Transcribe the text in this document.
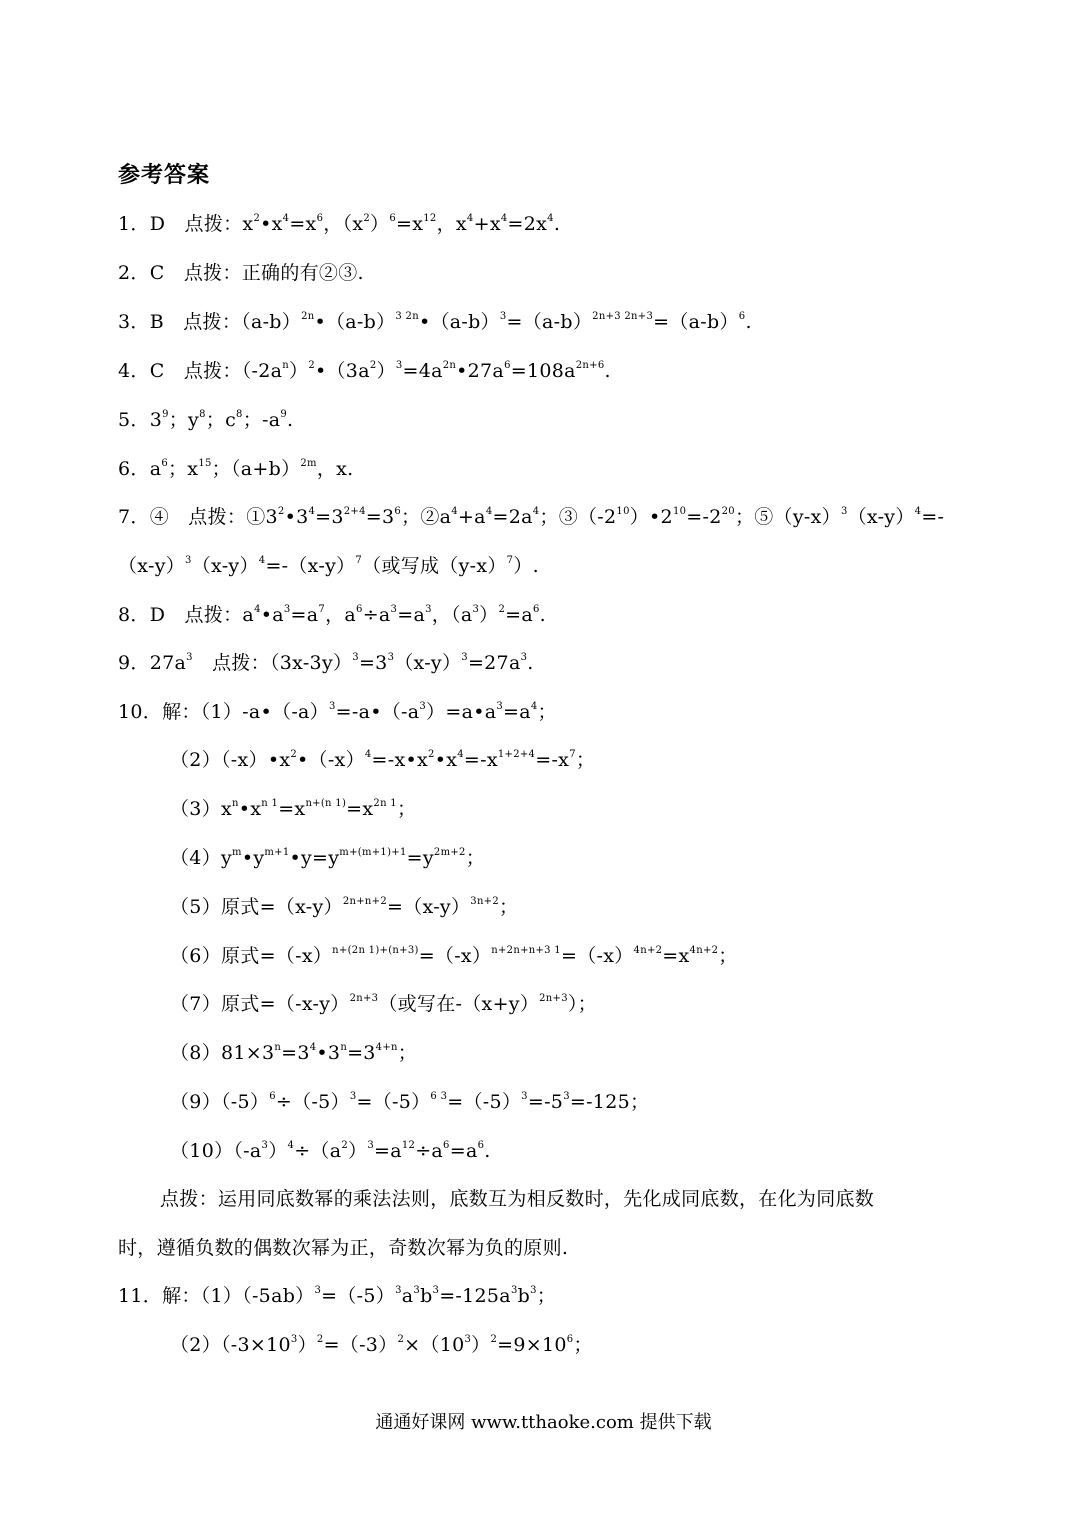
参考答案
1．D　点拨：$x^2•x^4=x^6$，$(x^2)^6=x^{12}$，$x^4+x^4=2x^4$.
2．C　点拨：正确的有②③.
3．B　点拨：$(a-b)^{2n}•(a-b)^{3 2n}•(a-b)^3=(a-b)^{2n+3 2n+3}=(a-b)^6$.
4．C　点拨：$(-2a^n)^2•(3a^2)^3=4a^{2n}•27a^6=108a^{2n+6}$.
5．$3^9$；$y^8$；$c^8$；$-a^9$.
6．$a^6$；$x^{15}$；$(a+b)^{2m}$，x.
7．④　点拨：$①3^2•3^4=3^{2+4}=3^6$；$②a^4+a^4=2a^4$；$③(-2^{10})•2^{10}=-2^{20}$；$⑤(y-x)^3(x-y)^4=-$
$(x-y)^3(x-y)^4=-(x-y)^7$（或写成$(y-x)^7$）.
8．D　点拨：$a^4•a^3=a^7$，$a^6\div a^3=a^3$，$(a^3)^2=a^6$.
9．$27a^3$　点拨：$(3x-3y)^3=3^3(x-y)^3=27a^3$.
10．解：$(1)-a•(-a)^3=-a•(-a^3)=a•a^3=a^4$；
$(2)(-x)•x^2•(-x)^4=-x•x^2•x^4=-x^{1+2+4}=-x^7$；
$(3)x^n•x^{n 1}=x^{n+(n 1)}=x^{2n 1}$；
$(4)y^m•y^{m+1}•y=y^{m+(m+1)+1}=y^{2m+2}$；
（5）原式$=(x-y)^{2n+n+2}=(x-y)^{3n+2}$；
（6）原式$=(-x)^{n+(2n 1)+(n+3)}=(-x)^{n+2n+n+3 1}=(-x)^{4n+2}=x^{4n+2}$；
（7）原式$=(-x-y)^{2n+3}$（或写在$-(x+y)^{2n+3}$）；
$(8)81\times 3^n=3^4•3^n=3^{4+n}$；
$(9)(-5)^6\div(-5)^3=(-5)^{6 3}=(-5)^3=-5^3=-125$；
$(10)(-a^3)^4\div(a^2)^3=a^{12}\div a^6=a^6$.
点拨：运用同底数幂的乘法法则，底数互为相反数时，先化成同底数，在化为同底数
时，遵循负数的偶数次幂为正，奇数次幂为负的原则.
11．解：$(1)(-5ab)^3=(-5)^3a^3b^3=-125a^3b^3$；
$(2)(-3\times 10^3)^2=(-3)^2\times(10^3)^2=9\times 10^6$；
通通好课网 www.tthaoke.com 提供下载
